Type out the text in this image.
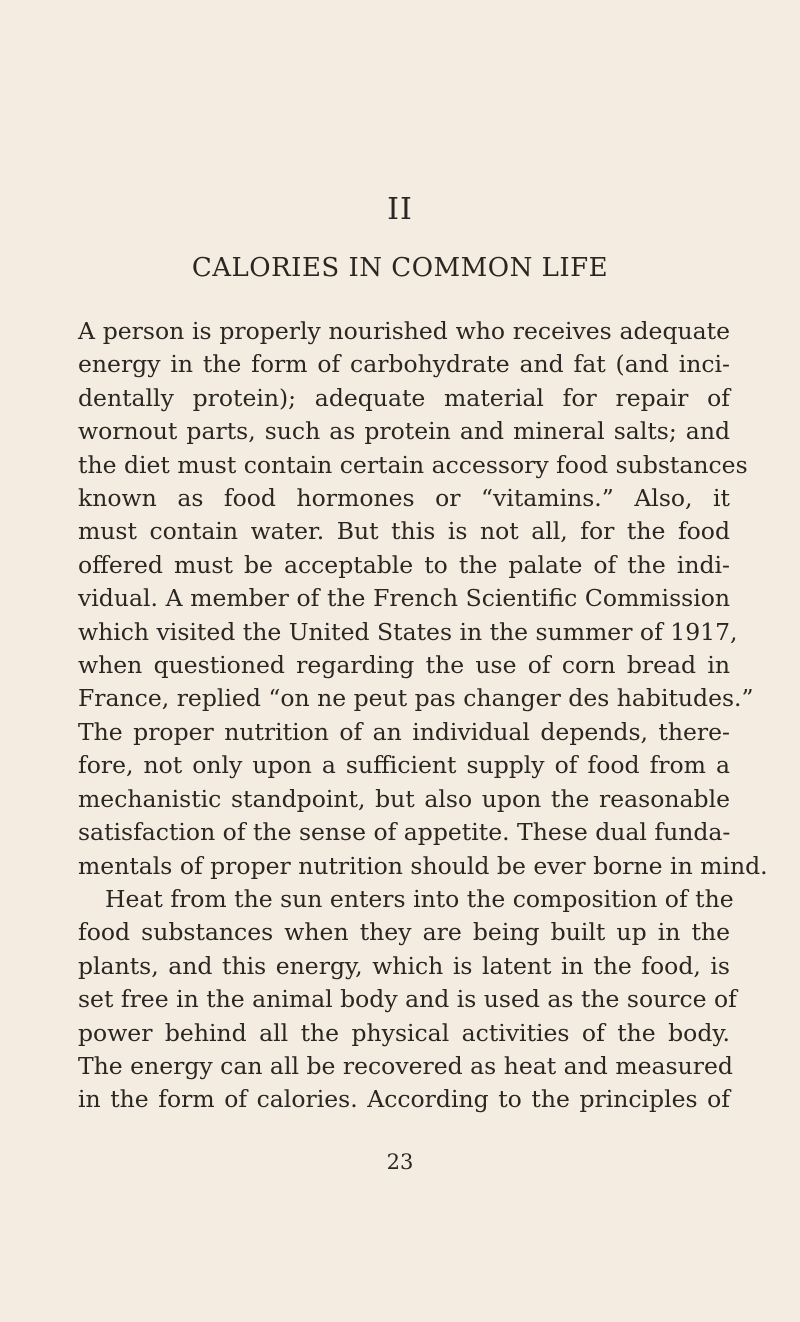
II
CALORIES IN COMMON LIFE
A person is properly nourished who receives adequate
energy in the form of carbohydrate and fat (and inci-
dentally protein); adequate material for repair of
wornout parts, such as protein and mineral salts; and
the diet must contain certain accessory food substances
known as food hormones or “vitamins.” Also, it
must contain water. But this is not all, for the food
offered must be acceptable to the palate of the indi-
vidual. A member of the French Scientific Commission
which visited the United States in the summer of 1917,
when questioned regarding the use of corn bread in
France, replied “on ne peut pas changer des habitudes.”
The proper nutrition of an individual depends, there-
fore, not only upon a sufficient supply of food from a
mechanistic standpoint, but also upon the reasonable
satisfaction of the sense of appetite. These dual funda-
mentals of proper nutrition should be ever borne in mind.
Heat from the sun enters into the composition of the
food substances when they are being built up in the
plants, and this energy, which is latent in the food, is
set free in the animal body and is used as the source of
power behind all the physical activities of the body.
The energy can all be recovered as heat and measured
in the form of calories. According to the principles of
23
